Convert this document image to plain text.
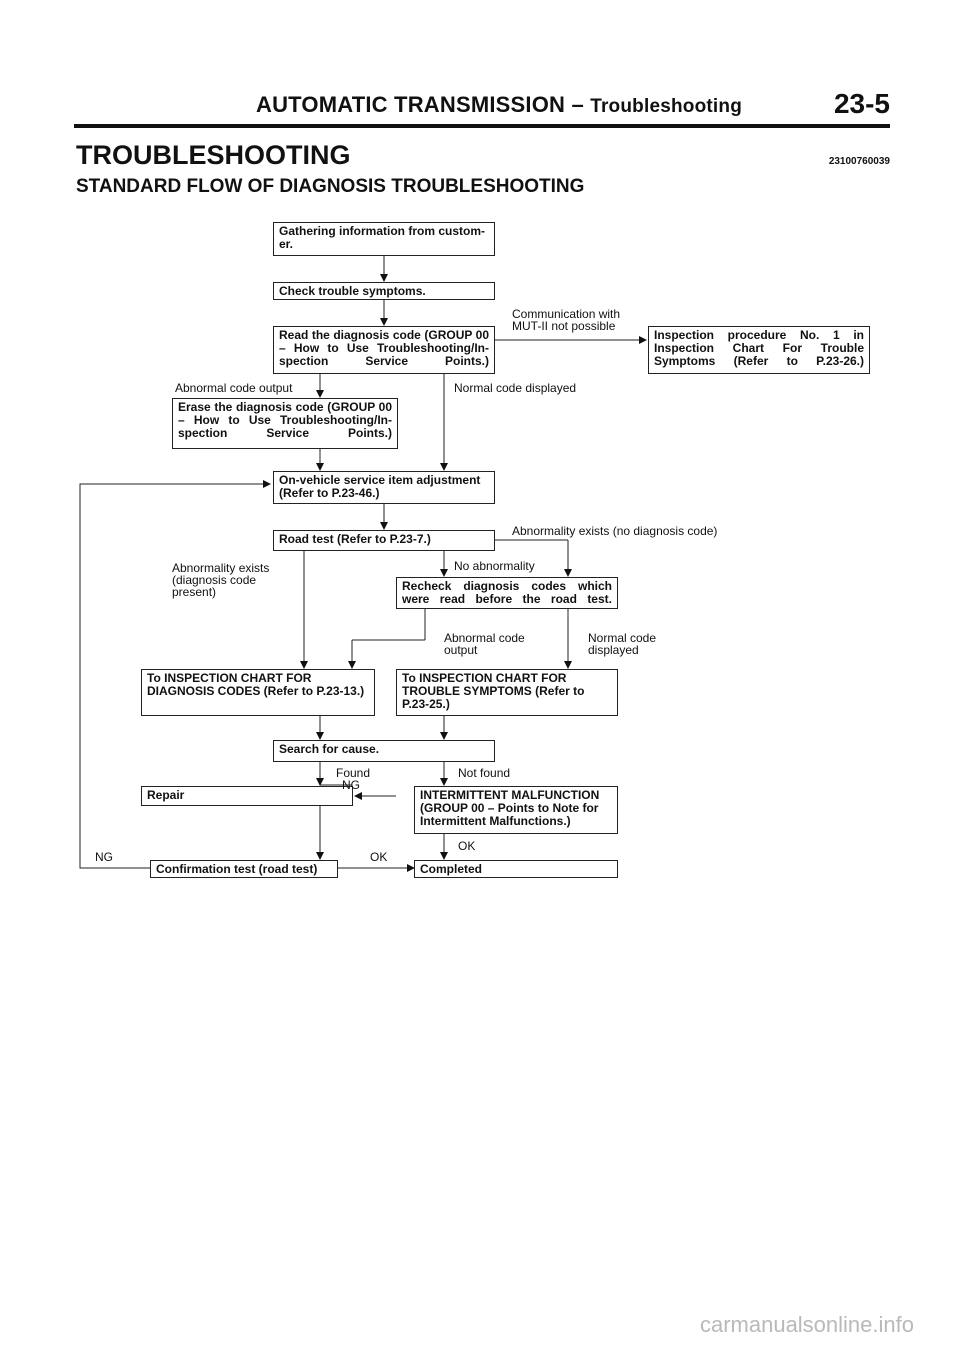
AUTOMATIC TRANSMISSION – Troubleshooting	23-5
TROUBLESHOOTING	23100760039
STANDARD FLOW OF DIAGNOSIS TROUBLESHOOTING
Gathering information from custom- er.
Check trouble symptoms.
Read the diagnosis code (GROUP 00 – How to Use Troubleshooting/In- spection Service Points.)
Inspection procedure No. 1 in Inspection Chart For Trouble Symptoms (Refer to P.23-26.)
Erase the diagnosis code (GROUP 00 – How to Use Troubleshooting/In- spection Service Points.)
On-vehicle service item adjustment (Refer to P.23-46.)
Road test (Refer to P.23-7.)
Recheck diagnosis codes which were read before the road test.
To INSPECTION CHART FOR DIAGNOSIS CODES (Refer to P.23-13.)
To INSPECTION CHART FOR TROUBLE SYMPTOMS (Refer to P.23-25.)
Search for cause.
Repair	INTERMITTENT MALFUNCTION (GROUP 00 – Points to Note for Intermittent Malfunctions.)
Confirmation test (road test)	Completed
Communication with
MUT-II not possible
Abnormal code output	Normal code displayed
Abnormality exists (no diagnosis code)
Abnormality exists
(diagnosis code
present)
No abnormality
Abnormal code
output
Normal code
displayed
Found	Not found
NG
OK
NG	OK
carmanualsonline.info
